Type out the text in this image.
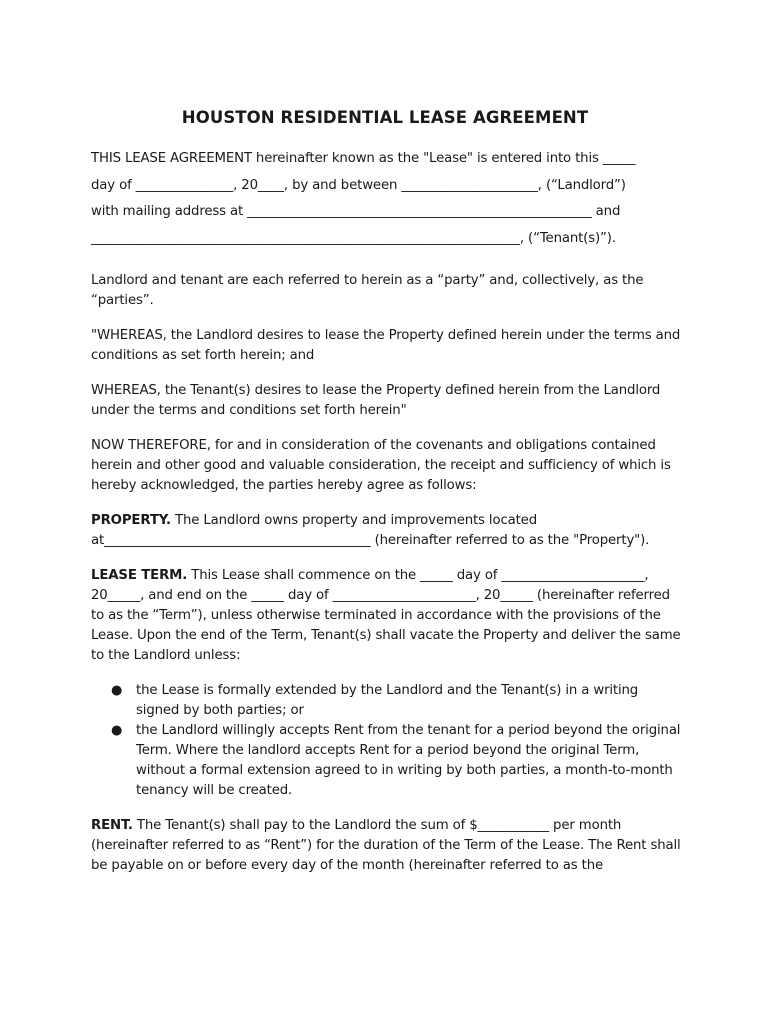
HOUSTON RESIDENTIAL LEASE AGREEMENT

THIS LEASE AGREEMENT hereinafter known as the "Lease" is entered into this _____

day of _______________, 20____, by and between _____________________, (“Landlord”)

with mailing address at _____________________________________________________ and

__________________________________________________________________, (“Tenant(s)”).

Landlord and tenant are each referred to herein as a “party” and, collectively, as the “parties”.

"WHEREAS, the Landlord desires to lease the Property defined herein under the terms and conditions as set forth herein; and

WHEREAS, the Tenant(s) desires to lease the Property defined herein from the Landlord under the terms and conditions set forth herein"

NOW THEREFORE, for and in consideration of the covenants and obligations contained herein and other good and valuable consideration, the receipt and sufficiency of which is hereby acknowledged, the parties hereby agree as follows:

PROPERTY. The Landlord owns property and improvements located at_________________________________________ (hereinafter referred to as the "Property").

LEASE TERM. This Lease shall commence on the _____ day of ______________________, 20_____, and end on the _____ day of ______________________, 20_____ (hereinafter referred to as the “Term”), unless otherwise terminated in accordance with the provisions of the Lease. Upon the end of the Term, Tenant(s) shall vacate the Property and deliver the same to the Landlord unless:

● the Lease is formally extended by the Landlord and the Tenant(s) in a writing signed by both parties; or
● the Landlord willingly accepts Rent from the tenant for a period beyond the original Term. Where the landlord accepts Rent for a period beyond the original Term, without a formal extension agreed to in writing by both parties, a month-to-month tenancy will be created.

RENT. The Tenant(s) shall pay to the Landlord the sum of $___________ per month (hereinafter referred to as “Rent”) for the duration of the Term of the Lease. The Rent shall be payable on or before every day of the month (hereinafter referred to as the
